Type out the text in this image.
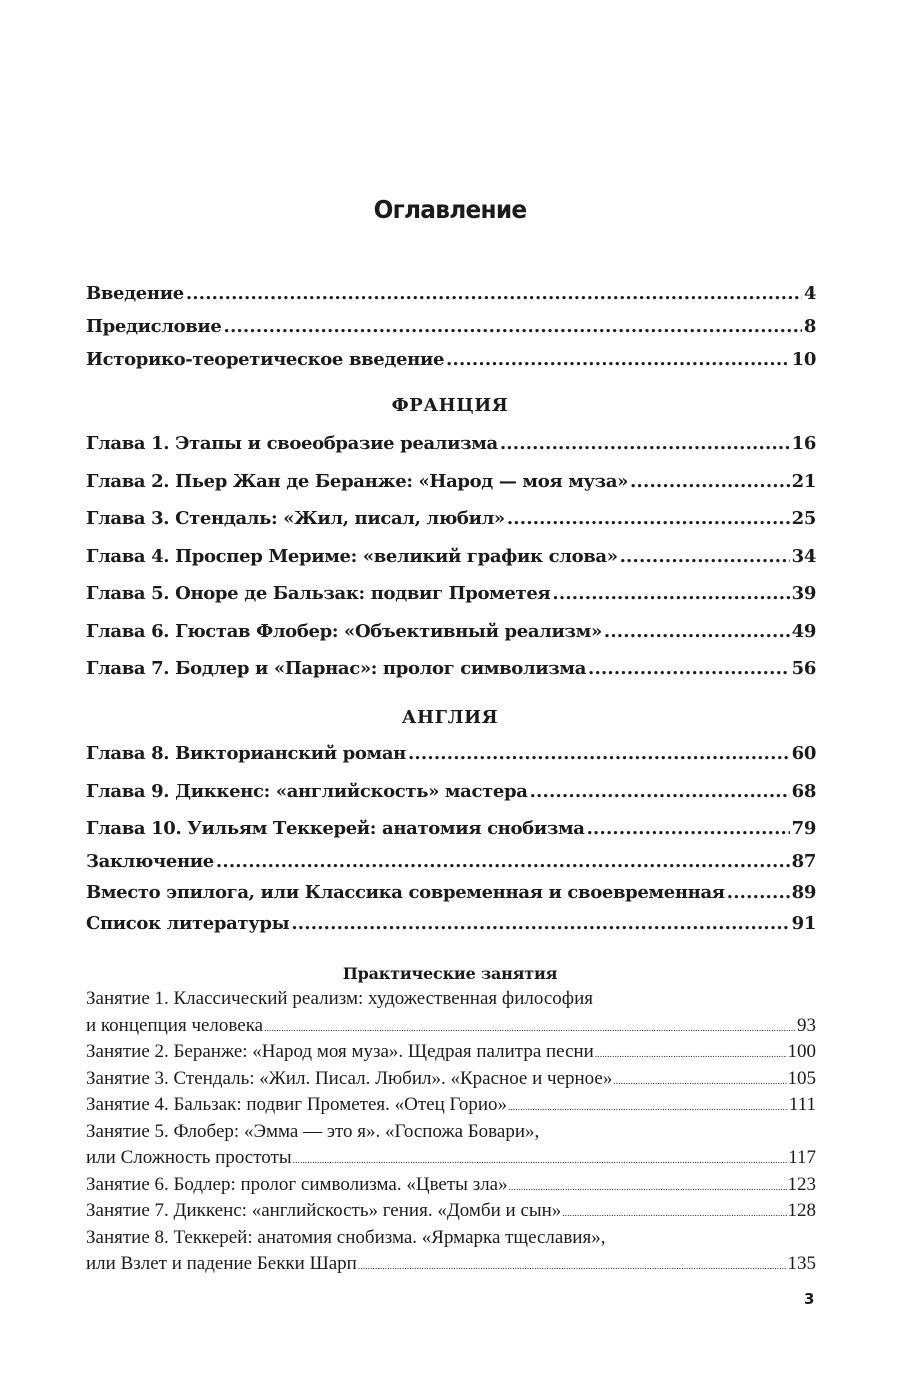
Оглавление
Введение .....	4
Предисловие .....	8
Историко-теоретическое введение .....	10
ФРАНЦИЯ
Глава 1. Этапы и своеобразие реализма .....	16
Глава 2. Пьер Жан де Беранже: «Народ — моя муза» .....	21
Глава 3. Стендаль: «Жил, писал, любил» .....	25
Глава 4. Проспер Мериме: «великий график слова» .....	34
Глава 5. Оноре де Бальзак: подвиг Прометея .....	39
Глава 6. Гюстав Флобер: «Объективный реализм» .....	49
Глава 7. Бодлер и «Парнас»: пролог символизма .....	56
АНГЛИЯ
Глава 8. Викторианский роман .....	60
Глава 9. Диккенс: «английскость» мастера .....	68
Глава 10. Уильям Теккерей: анатомия снобизма .....	79
Заключение .....	87
Вместо эпилога, или Классика современная и своевременная .....	89
Список литературы .....	91
Практические занятия
Занятие 1. Классический реализм: художественная философия
и концепция человека .....	93
Занятие 2. Беранже: «Народ моя муза». Щедрая палитра песни .....	100
Занятие 3. Стендаль: «Жил. Писал. Любил». «Красное и черное» .....	105
Занятие 4. Бальзак: подвиг Прометея. «Отец Горио» .....	111
Занятие 5. Флобер: «Эмма — это я». «Госпожа Бовари»,
или Сложность простоты .....	117
Занятие 6. Бодлер: пролог символизма. «Цветы зла» .....	123
Занятие 7. Диккенс: «английскость» гения. «Домби и сын» .....	128
Занятие 8. Теккерей: анатомия снобизма. «Ярмарка тщеславия»,
или Взлет и падение Бекки Шарп .....	135
3
